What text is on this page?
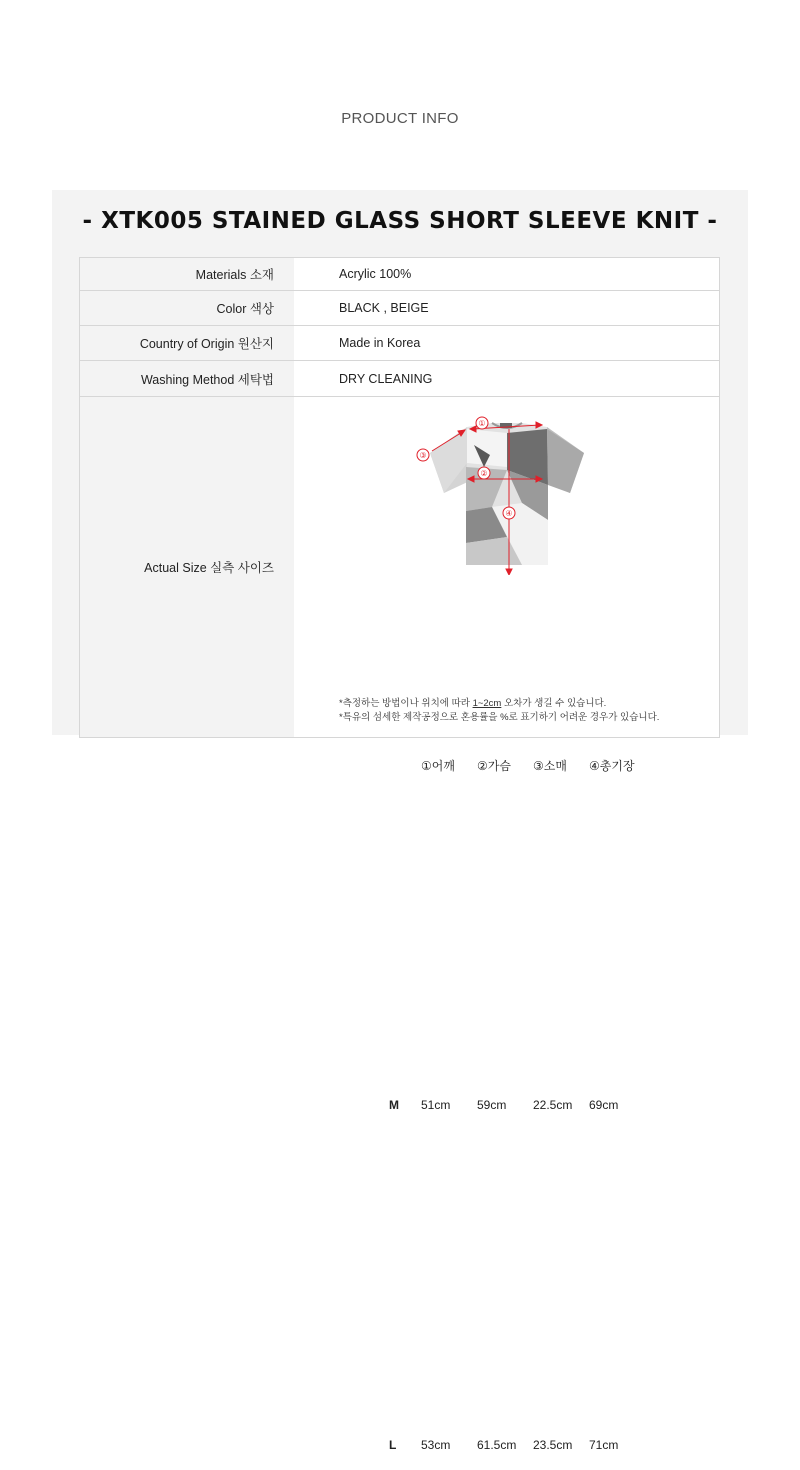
PRODUCT INFO
- XTK005 STAINED GLASS SHORT SLEEVE KNIT -
Materials 소재	Acrylic 100%
Color 색상	BLACK , BEIGE
Country of Origin 원산지	Made in Korea
Washing Method 세탁법	DRY CLEANING
Actual Size 실측 사이즈	
①
②
③
④
	①어깨	②가슴	③소매	④총기장
M	51cm	59cm	22.5cm	69cm
L	53cm	61.5cm	23.5cm	71cm
*측정하는 방법이나 위치에 따라 1~2cm 오차가 생길 수 있습니다.
*특유의 섬세한 제작공정으로 혼용률을 %로 표기하기 어려운 경우가 있습니다.
